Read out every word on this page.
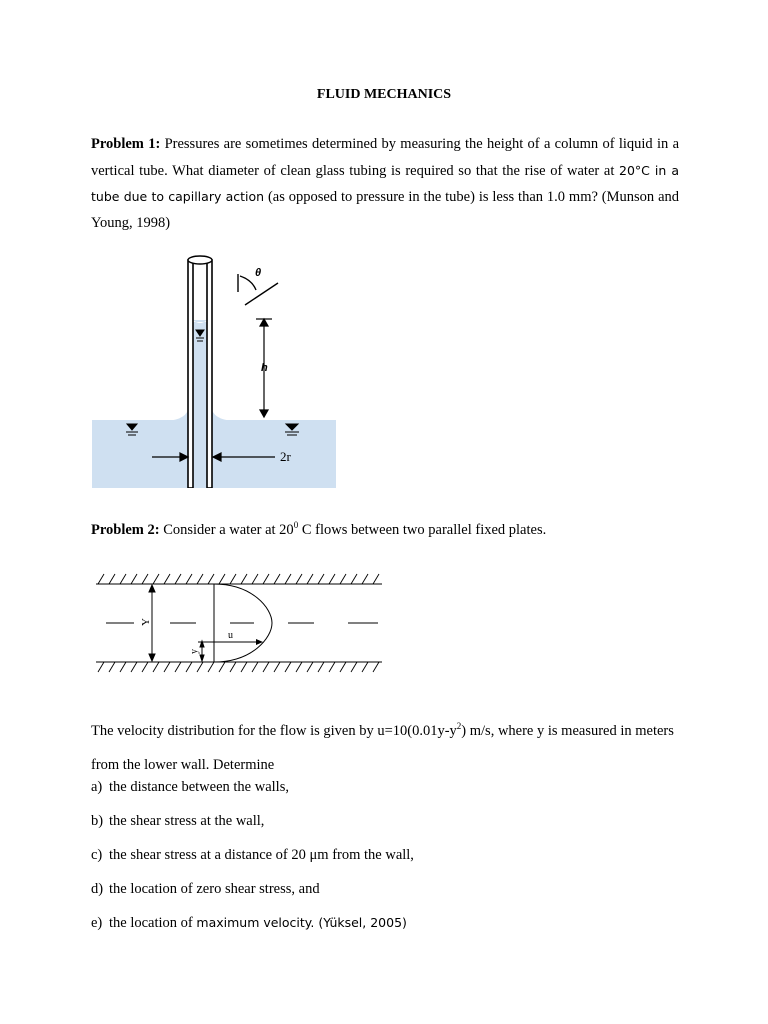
FLUID MECHANICS

Problem 1: Pressures are sometimes determined by measuring the height of a column of liquid in a vertical tube. What diameter of clean glass tubing is required so that the rise of water at 20°C in a tube due to capillary action (as opposed to pressure in the tube) is less than 1.0 mm? (Munson and Young, 1998)

θ
h
2r

Problem 2: Consider a water at $20^0$ C flows between two parallel fixed plates.

Y
u
y

The velocity distribution for the flow is given by $u=10(0.01y-y^2)$ m/s, where y is measured in meters from the lower wall. Determine

a) the distance between the walls,
b) the shear stress at the wall,
c) the shear stress at a distance of 20 μm from the wall,
d) the location of zero shear stress, and
e) the location of maximum velocity. (Yüksel, 2005)
